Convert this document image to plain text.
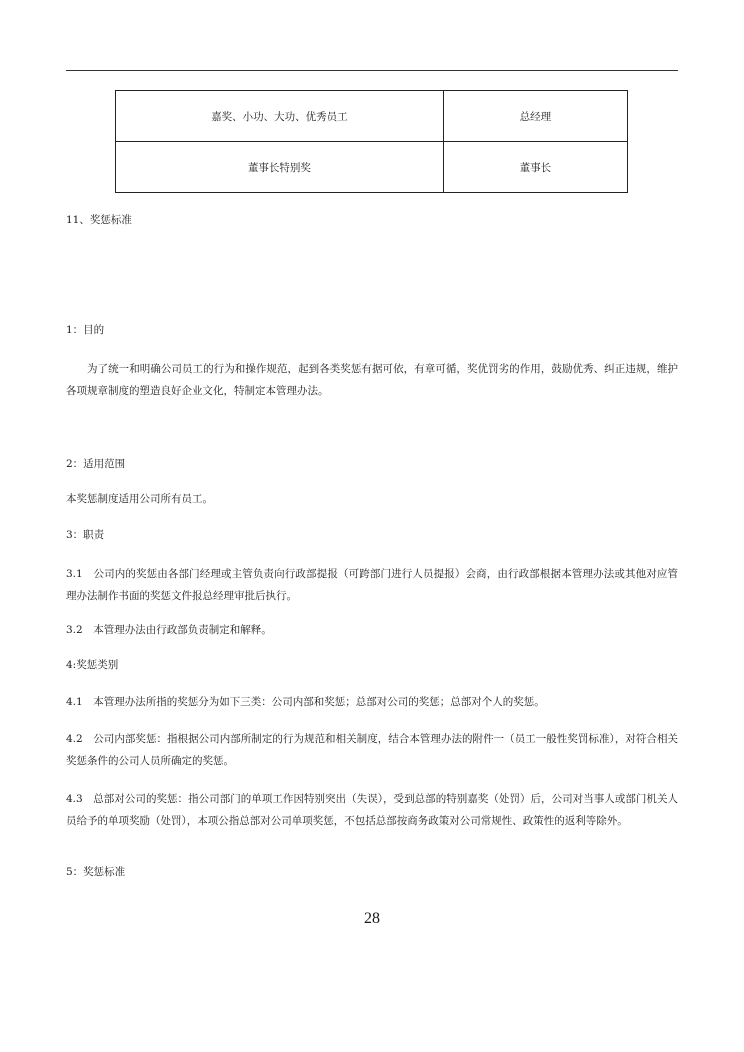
嘉奖、小功、大功、优秀员工	总经理
董事长特别奖	董事长
11、奖惩标准
1：目的
为了统一和明确公司员工的行为和操作规范，起到各类奖惩有据可依，有章可循，奖优罚劣的作用，鼓励优秀、纠正违规，维护各项规章制度的塑造良好企业文化，特制定本管理办法。
2：适用范围
本奖惩制度适用公司所有员工。
3：职责
3.1　公司内的奖惩由各部门经理或主管负责向行政部提报（可跨部门进行人员提报）会商，由行政部根据本管理办法或其他对应管理办法制作书面的奖惩文件报总经理审批后执行。
3.2　本管理办法由行政部负责制定和解释。
4:奖惩类别
4.1　本管理办法所指的奖惩分为如下三类：公司内部和奖惩；总部对公司的奖惩；总部对个人的奖惩。
4.2　公司内部奖惩：指根据公司内部所制定的行为规范和相关制度，结合本管理办法的附件一（员工一般性奖罚标准），对符合相关奖惩条件的公司人员所确定的奖惩。
4.3　总部对公司的奖惩：指公司部门的单项工作因特别突出（失误），受到总部的特别嘉奖（处罚）后，公司对当事人或部门机关人员给予的单项奖励（处罚），本项公指总部对公司单项奖惩，不包括总部按商务政策对公司常规性、政策性的返利等除外。
5：奖惩标准
28
